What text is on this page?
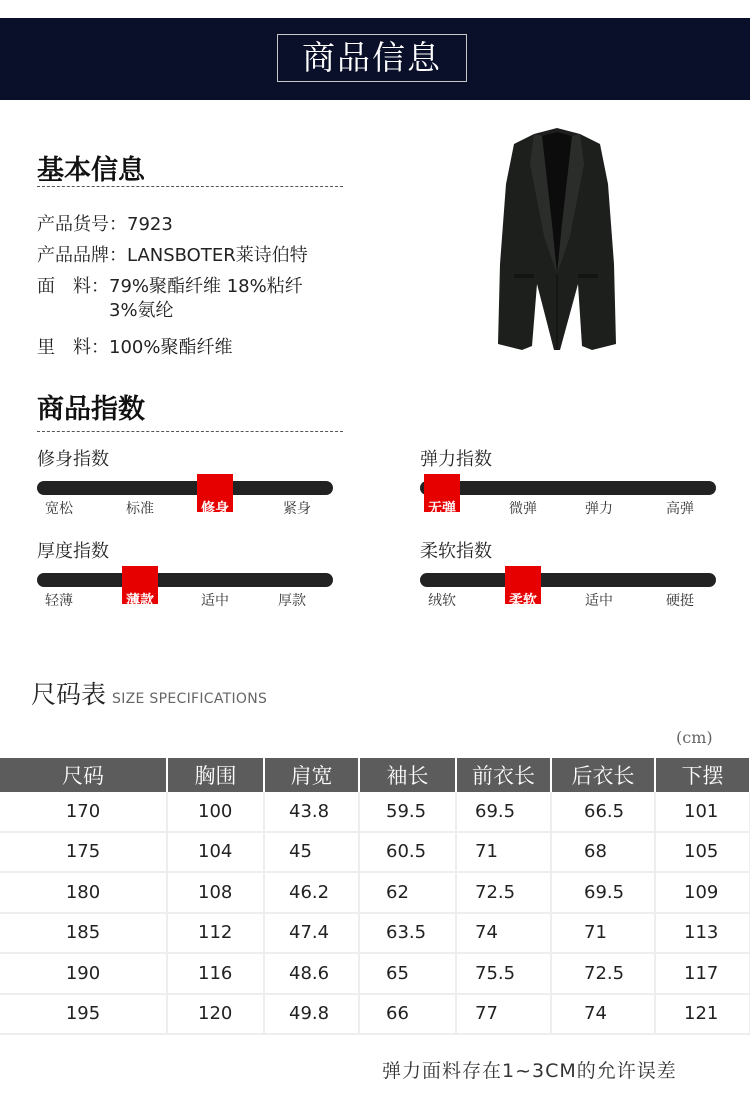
商品信息
基本信息
产品货号：7923
产品品牌：LANSBOTER莱诗伯特
面　料：79%聚酯纤维 18%粘纤
　　　　3%氨纶
里　料：100%聚酯纤维
商品指数
修身指数
宽松	标准	修身	紧身
弹力指数
无弹	微弹	弹力	高弹
厚度指数
轻薄	薄款	适中	厚款
柔软指数
绒软	柔软	适中	硬挺
尺码表 SIZE SPECIFICATIONS
(cm)
尺码	胸围	肩宽	袖长	前衣长	后衣长	下摆
170	100	43.8	59.5	69.5	66.5	101
175	104	45	60.5	71	68	105
180	108	46.2	62	72.5	69.5	109
185	112	47.4	63.5	74	71	113
190	116	48.6	65	75.5	72.5	117
195	120	49.8	66	77	74	121
弹力面料存在1~3CM的允许误差
